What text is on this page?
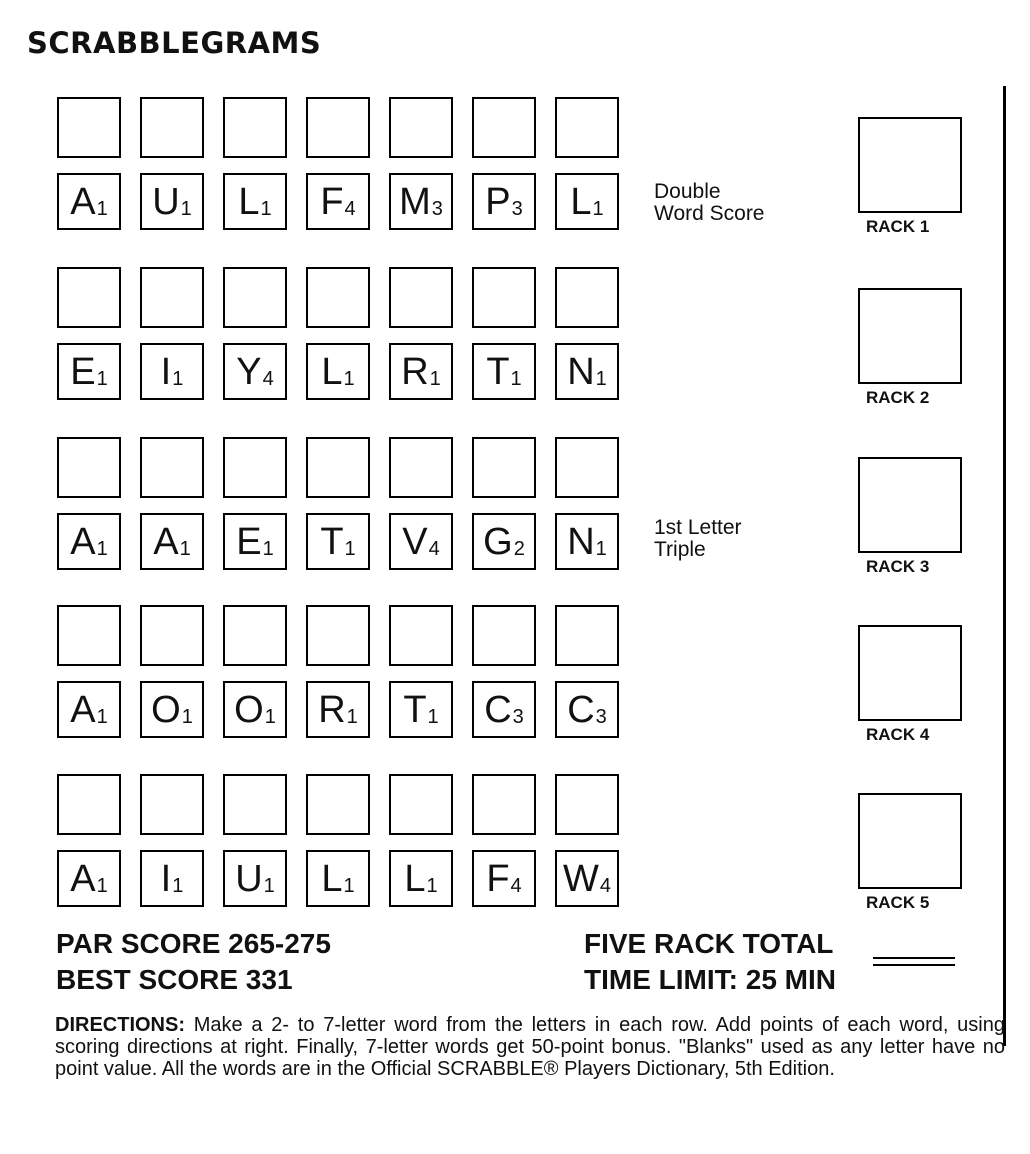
SCRABBLEGRAMS
A 1 U 1 L 1 F 4 M 3 P 3 L 1
Double
Word Score
E 1 I 1 Y 4 L 1 R 1 T 1 N 1
A 1 A 1 E 1 T 1 V 4 G 2 N 1
1st Letter
Triple
A 1 O 1 O 1 R 1 T 1 C 3 C 3
A 1 I 1 U 1 L 1 L 1 F 4 W 4
RACK 1
RACK 2
RACK 3
RACK 4
RACK 5
PAR SCORE 265-275
BEST SCORE 331
FIVE RACK TOTAL
TIME LIMIT: 25 MIN
DIRECTIONS: Make a 2- to 7-letter word from the letters in each row. Add points of each word, using scoring directions at right. Finally, 7-letter words get 50-point bonus. "Blanks" used as any letter have no point value. All the words are in the Official SCRABBLE® Players Dictionary, 5th Edition.
